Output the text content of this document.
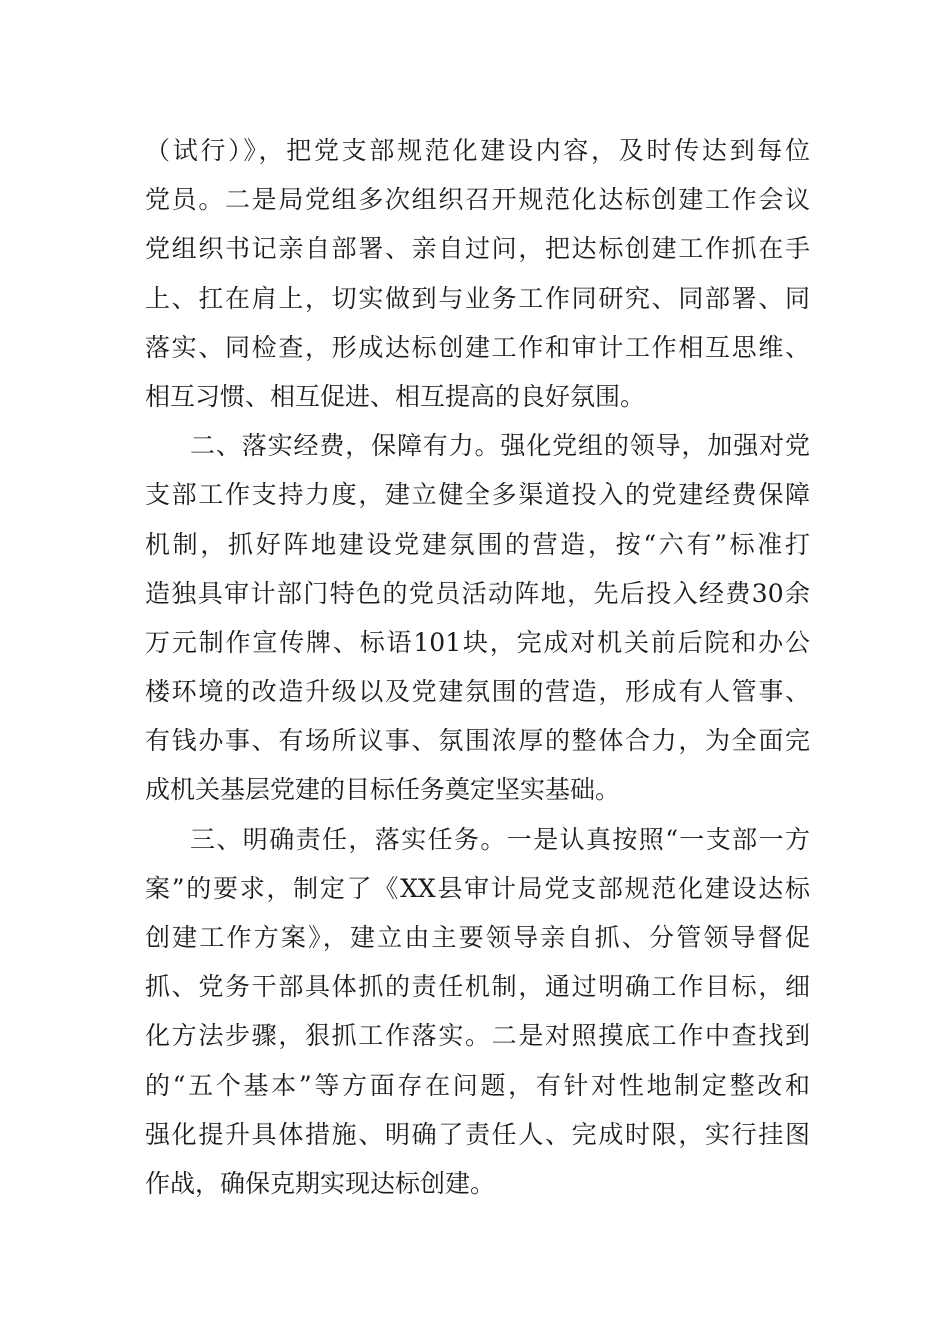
（试行）》，把党支部规范化建设内容，及时传达到每位
党员。二是局党组多次组织召开规范化达标创建工作会议
党组织书记亲自部署、亲自过问，把达标创建工作抓在手
上、扛在肩上，切实做到与业务工作同研究、同部署、同
落实、同检查，形成达标创建工作和审计工作相互思维、
相互习惯、相互促进、相互提高的良好氛围。
二、落实经费，保障有力。强化党组的领导，加强对党
支部工作支持力度，建立健全多渠道投入的党建经费保障
机制，抓好阵地建设党建氛围的营造，按“六有”标准打
造独具审计部门特色的党员活动阵地，先后投入经费30余
万元制作宣传牌、标语101块，完成对机关前后院和办公
楼环境的改造升级以及党建氛围的营造，形成有人管事、
有钱办事、有场所议事、氛围浓厚的整体合力，为全面完
成机关基层党建的目标任务奠定坚实基础。
三、明确责任，落实任务。一是认真按照“一支部一方
案”的要求，制定了《XX县审计局党支部规范化建设达标
创建工作方案》，建立由主要领导亲自抓、分管领导督促
抓、党务干部具体抓的责任机制，通过明确工作目标，细
化方法步骤，狠抓工作落实。二是对照摸底工作中查找到
的“五个基本”等方面存在问题，有针对性地制定整改和
强化提升具体措施、明确了责任人、完成时限，实行挂图
作战，确保克期实现达标创建。
